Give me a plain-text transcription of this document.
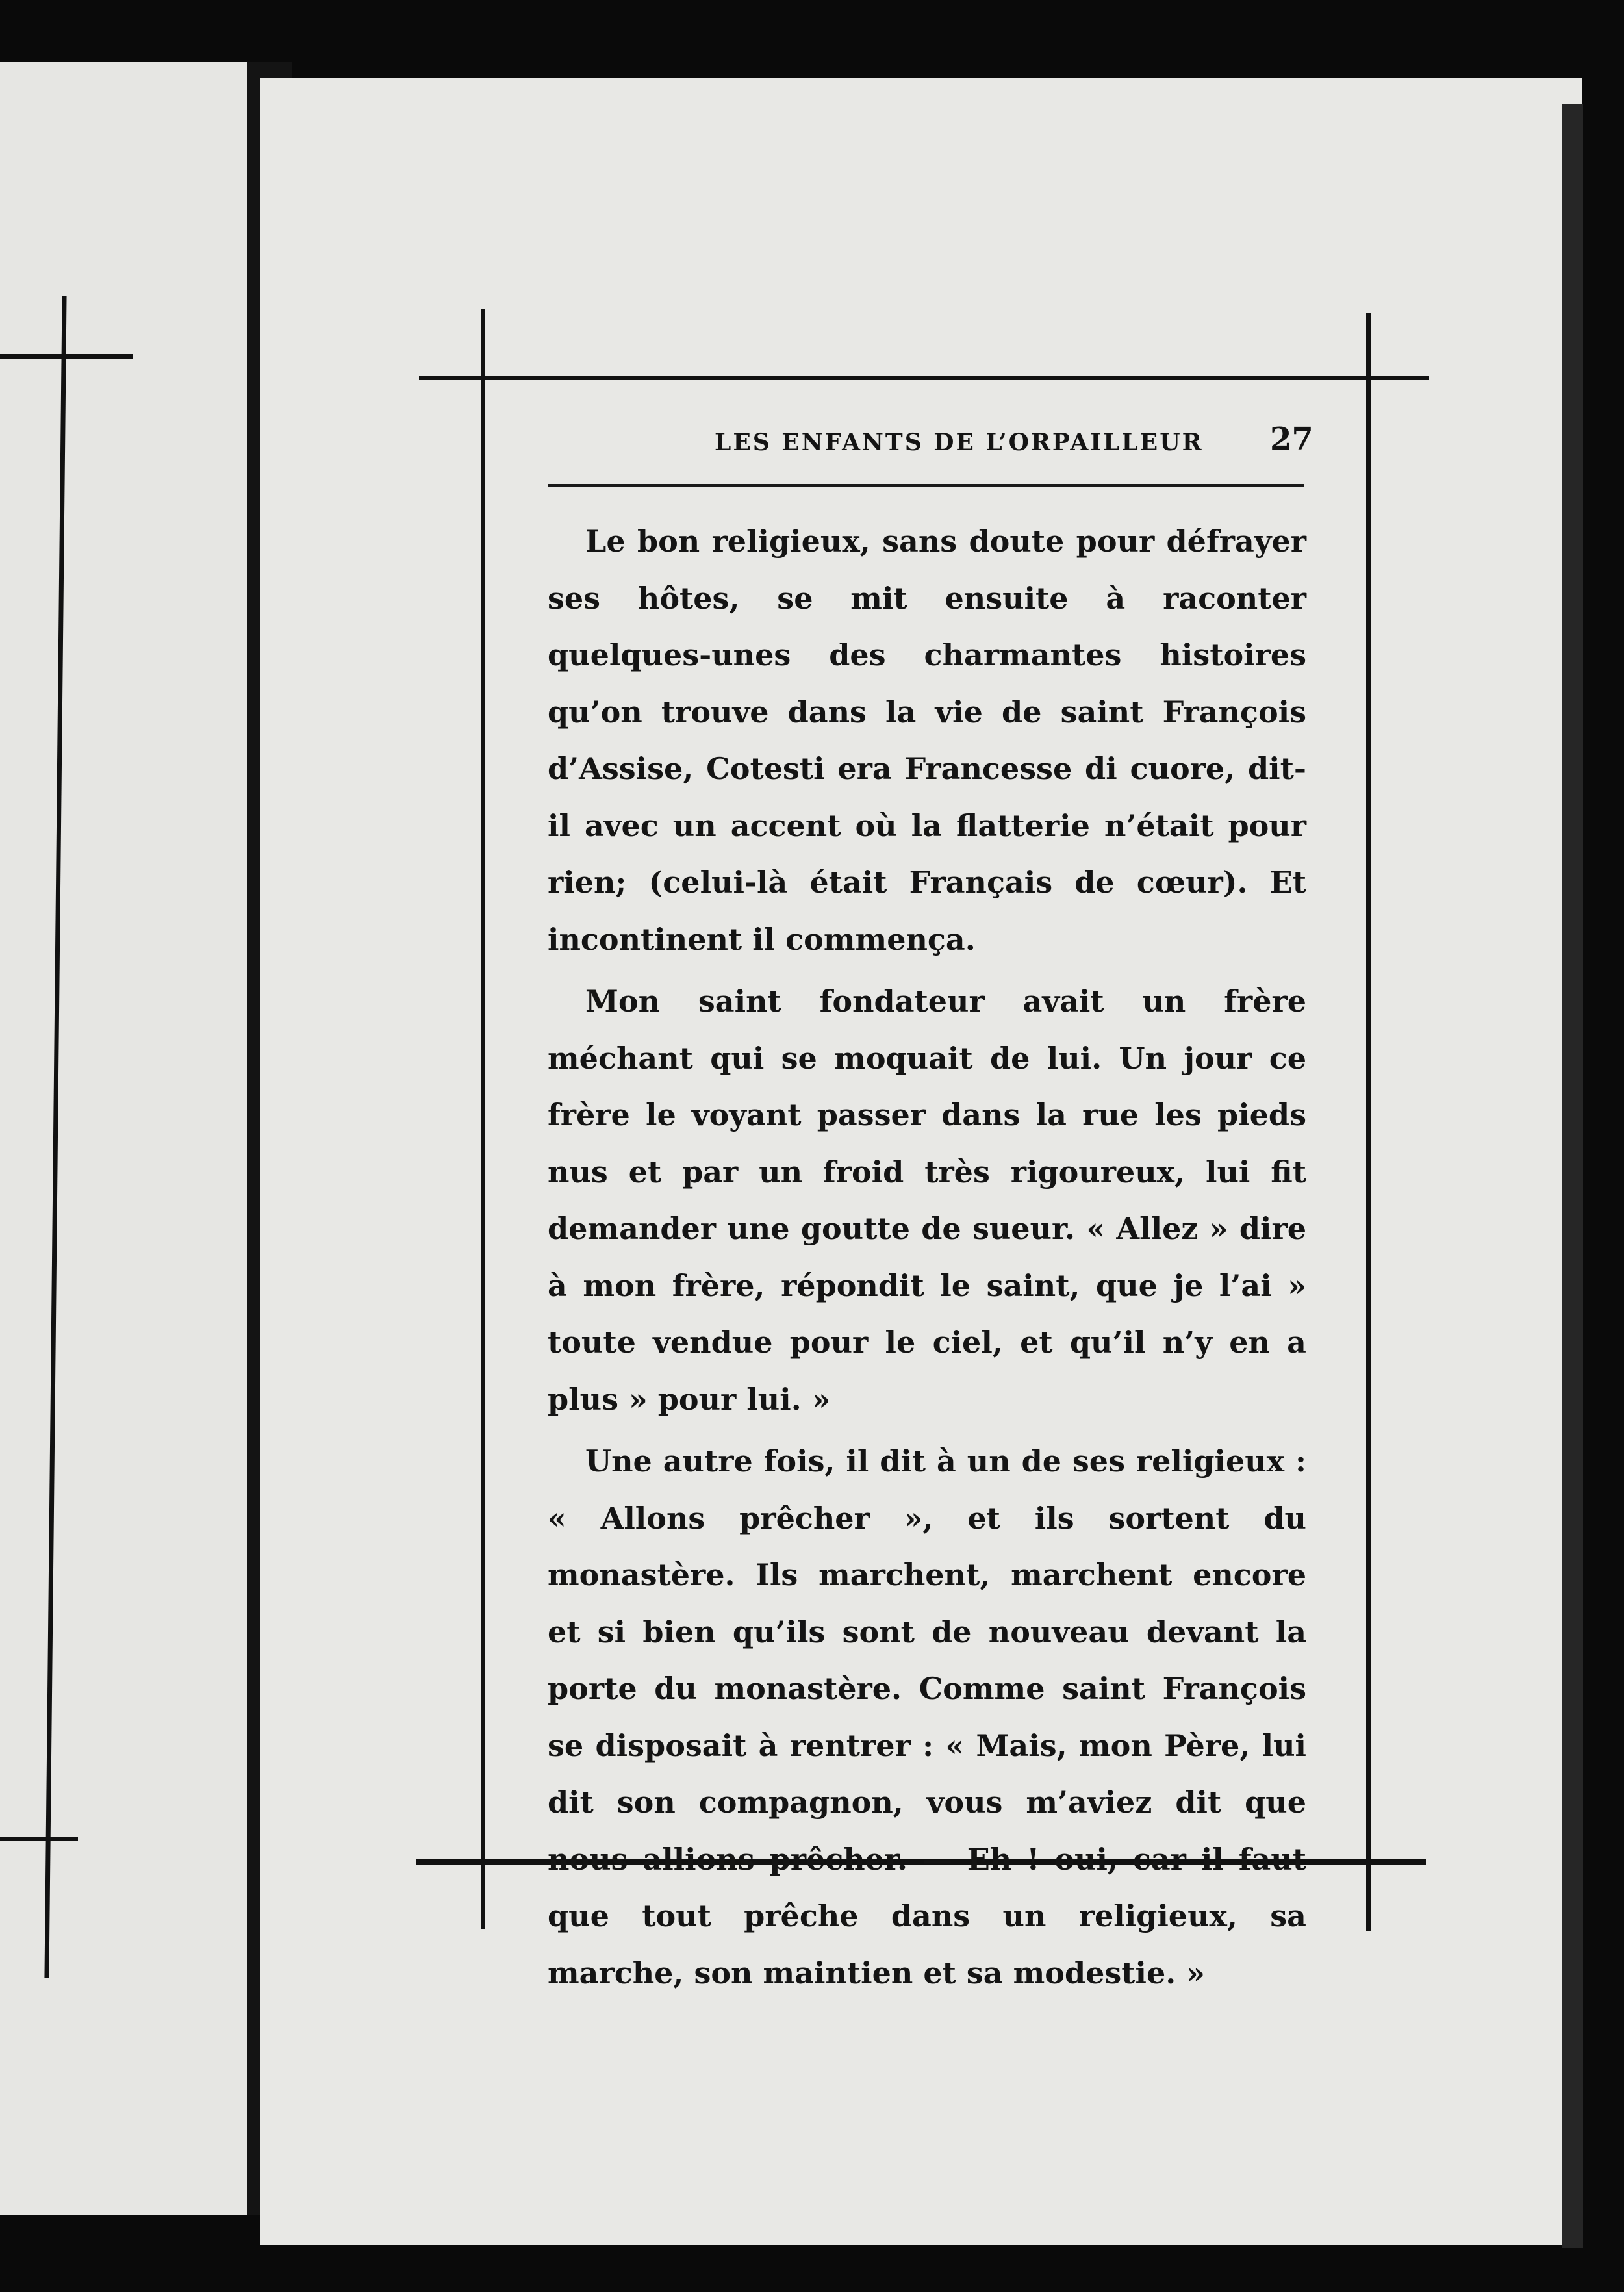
LES ENFANTS DE L’ORPAILLEUR 27

Le bon religieux, sans doute pour défrayer ses hôtes, se mit ensuite à raconter quelques-unes des charmantes histoires qu’on trouve dans la vie de saint François d’Assise, Cotesti era Francesse di cuore, dit-il avec un accent où la flatterie n’était pour rien; (celui-là était Français de cœur). Et incontinent il commença.

Mon saint fondateur avait un frère méchant qui se moquait de lui. Un jour ce frère le voyant passer dans la rue les pieds nus et par un froid très rigoureux, lui fit demander une goutte de sueur. « Allez » dire à mon frère, répondit le saint, que je l’ai » toute vendue pour le ciel, et qu’il n’y en a plus » pour lui. »

Une autre fois, il dit à un de ses religieux : « Allons prêcher », et ils sortent du monastère. Ils marchent, marchent encore et si bien qu’ils sont de nouveau devant la porte du monastère. Comme saint François se disposait à rentrer : « Mais, mon Père, lui dit son compagnon, vous m’aviez dit que nous allions prêcher. — Eh ! oui, car il faut que tout prêche dans un religieux, sa marche, son maintien et sa modestie. »
